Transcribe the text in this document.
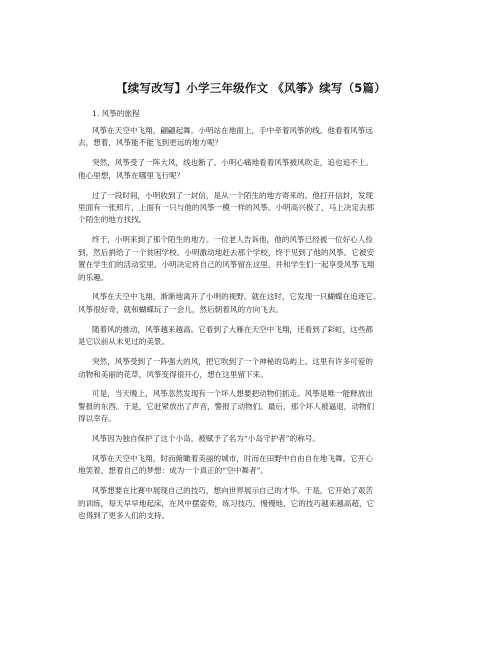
【续写改写】小学三年级作文 《风筝》续写（5篇）
1. 风筝的旅程
风筝在天空中飞翔，翩翩起舞。小明站在地面上，手中牵着风筝的线。他看着风筝远
去，想着，风筝能不能飞到更远的地方呢？
突然，风筝受了一阵大风，线也断了。小明心痛地看着风筝被风吹走，追也追不上。
他心里想，风筝在哪里飞行呢？
过了一段时间，小明收到了一封信，是从一个陌生的地方寄来的。他打开信封，发现
里面有一张照片，上面有一只与他的风筝一模一样的风筝。小明高兴极了，马上决定去那
个陌生的地方找找。
终于，小明来到了那个陌生的地方。一位老人告诉他，他的风筝已经被一位好心人捡
到，然后捐给了一个贫困学校。小明激动地赶去那个学校，终于见到了他的风筝。它被安
置在学生们的活动室里。小明决定将自己的风筝留在这里，并和学生们一起享受风筝飞翔
的乐趣。
风筝在天空中飞翔，渐渐地离开了小明的视野。就在这时，它发现一只蝴蝶在追逐它。
风筝很好奇，就和蝴蝶玩了一会儿，然后朝着风的方向飞去。
随着风的推动，风筝越来越高。它看到了大雁在天空中飞翔，还看到了彩虹，这些都
是它以前从未见过的美景。
突然，风筝受到了一阵强大的风，把它吹到了一个神秘的岛屿上。这里有许多可爱的
动物和美丽的花草，风筝变得很开心，想在这里留下来。
可是，当天晚上，风筝忽然发现有一个坏人想要把动物们抓走。风筝是唯一能释放出
警报的东西。于是，它赶紧放出了声音，警报了动物们。最后，那个坏人被逼退，动物们
得以幸存。
风筝因为独自保护了这个小岛，被赋予了名为“小岛守护者”的称号。
风筝在天空中飞翔，时而俯瞰着美丽的城市，时而在田野中自由自在地飞舞。它开心
地笑着，想着自己的梦想：成为一个真正的“空中舞者”。
风筝想要在比赛中展现自己的技巧，想向世界展示自己的才华。于是，它开始了艰苦
的训练，每天早早地起床，在风中摆姿势，练习技巧。慢慢地，它的技巧越来越高超，它
也得到了更多人们的支持。
